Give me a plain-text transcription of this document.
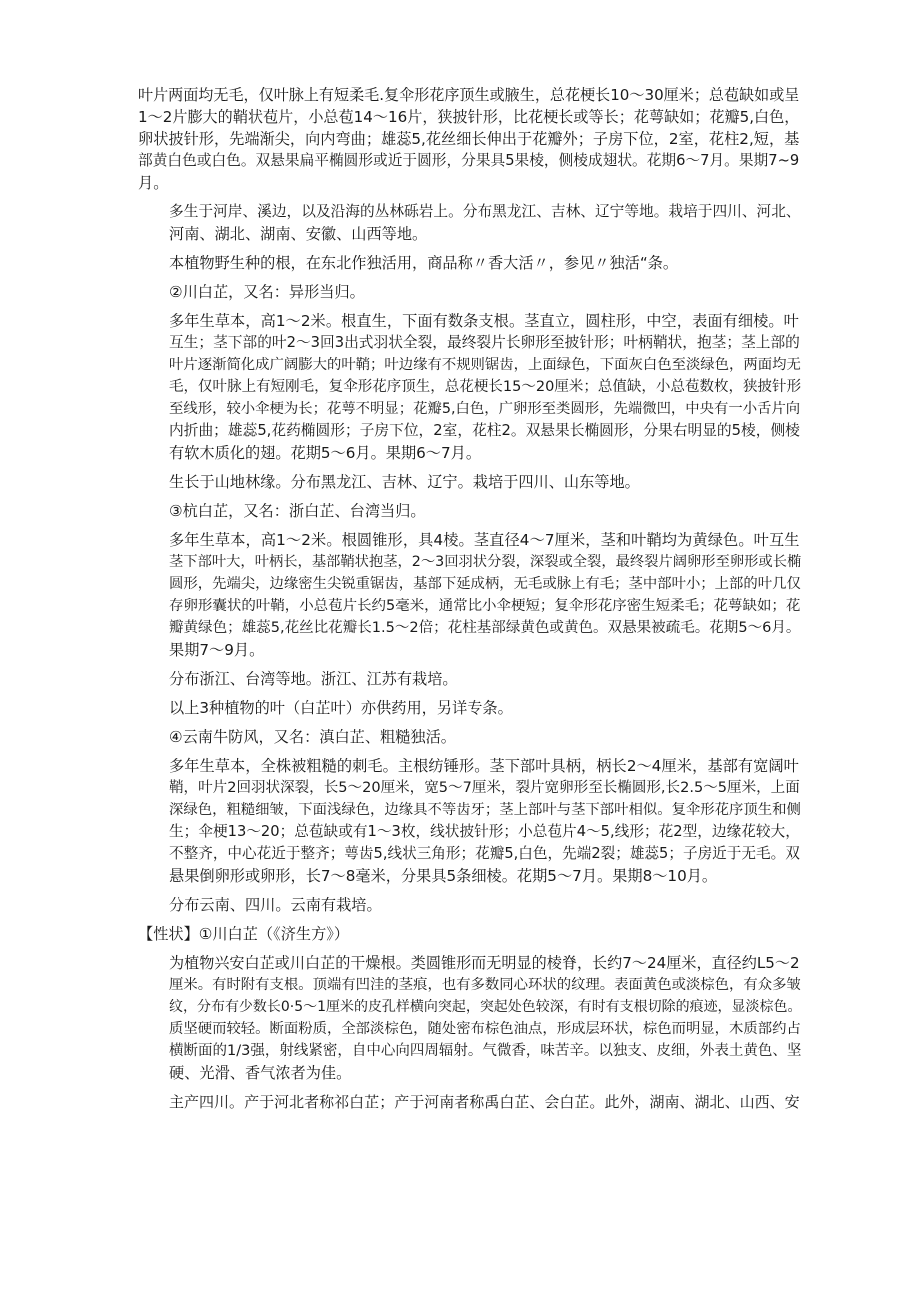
叶片两面均无毛，仅叶脉上有短柔毛.复伞形花序顶生或腋生，总花梗长10～30厘米；总苞缺如或呈
1～2片膨大的鞘状苞片，小总苞14～16片，狭披针形，比花梗长或等长；花萼缺如；花瓣5,白色，
卵状披针形，先端渐尖，向内弯曲；雄蕊5,花丝细长伸出于花瓣外；子房下位，2室，花柱2,短，基
部黄白色或白色。双悬果扁平椭圆形或近于圆形，分果具5果棱，侧棱成翅状。花期6～7月。果期7~9
月。
多生于河岸、溪边，以及沿海的丛林砾岩上。分布黑龙江、吉林、辽宁等地。栽培于四川、河北、
河南、湖北、湖南、安徽、山西等地。
本植物野生种的根，在东北作独活用，商品称〃香大活〃，参见〃独活“条。
②川白芷，又名：异形当归。
多年生草本，高1～2米。根直生，下面有数条支根。茎直立，圆柱形，中空，表面有细棱。叶
互生；茎下部的叶2～3回3出式羽状全裂，最终裂片长卵形至披针形；叶柄鞘状，抱茎；茎上部的
叶片逐渐简化成广阔膨大的叶鞘；叶边缘有不规则锯齿，上面绿色，下面灰白色至淡绿色，两面均无
毛，仅叶脉上有短刚毛，复伞形花序顶生，总花梗长15～20厘米；总值缺，小总苞数枚，狭披针形
至线形，较小伞梗为长；花萼不明显；花瓣5,白色，广卵形至类圆形，先端微凹，中央有一小舌片向
内折曲；雄蕊5,花药椭圆形；子房下位，2室，花柱2。双悬果长椭圆形，分果右明显的5棱，侧棱
有软木质化的翅。花期5～6月。果期6～7月。
生长于山地林缘。分布黑龙江、吉林、辽宁。栽培于四川、山东等地。
③杭白芷，又名：浙白芷、台湾当归。
多年生草本，高1～2米。根圆锥形，具4棱。茎直径4～7厘米，茎和叶鞘均为黄绿色。叶互生
茎下部叶大，叶柄长，基部鞘状抱茎，2～3回羽状分裂，深裂或全裂，最终裂片阔卵形至卵形或长椭
圆形，先端尖，边缘密生尖锐重锯齿，基部下延成柄，无毛或脉上有毛；茎中部叶小；上部的叶几仅
存卵形囊状的叶鞘，小总苞片长约5毫米，通常比小伞梗短；复伞形花序密生短柔毛；花萼缺如；花
瓣黄绿色；雄蕊5,花丝比花瓣长1.5～2倍；花柱基部绿黄色或黄色。双悬果被疏毛。花期5～6月。
果期7～9月。
分布浙江、台湾等地。浙江、江苏有栽培。
以上3种植物的叶（白芷叶）亦供药用，另详专条。
④云南牛防风，又名：滇白芷、粗糙独活。
多年生草本，全株被粗糙的刺毛。主根纺锤形。茎下部叶具柄，柄长2～4厘米，基部有宽阔叶
鞘，叶片2回羽状深裂，长5～20厘米，宽5～7厘米，裂片宽卵形至长椭圆形,长2.5～5厘米，上面
深绿色，粗糙细皱，下面浅绿色，边缘具不等齿牙；茎上部叶与茎下部叶相似。复伞形花序顶生和侧
生；伞梗13～20；总苞缺或有1～3枚，线状披针形；小总苞片4～5,线形；花2型，边缘花较大，
不整齐，中心花近于整齐；萼齿5,线状三角形；花瓣5,白色，先端2裂；雄蕊5；子房近于无毛。双
悬果倒卵形或卵形，长7～8毫米，分果具5条细棱。花期5～7月。果期8～10月。
分布云南、四川。云南有栽培。
【性状】①川白芷（《济生方》）
为植物兴安白芷或川白芷的干燥根。类圆锥形而无明显的棱脊，长约7～24厘米，直径约L5～2
厘米。有时附有支根。顶端有凹洼的茎痕，也有多数同心环状的纹理。表面黄色或淡棕色，有众多皱
纹，分布有少数长0·5～1厘米的皮孔样横向突起，突起处色较深，有时有支根切除的痕迹，显淡棕色。
质坚硬而较轻。断面粉质，全部淡棕色，随处密布棕色油点，形成层环状，棕色而明显，木质部约占
横断面的1/3强，射线紧密，自中心向四周辐射。气微香，味苦辛。以独支、皮细，外表土黄色、坚
硬、光滑、香气浓者为佳。
主产四川。产于河北者称祁白芷；产于河南者称禹白芷、会白芷。此外，湖南、湖北、山西、安
